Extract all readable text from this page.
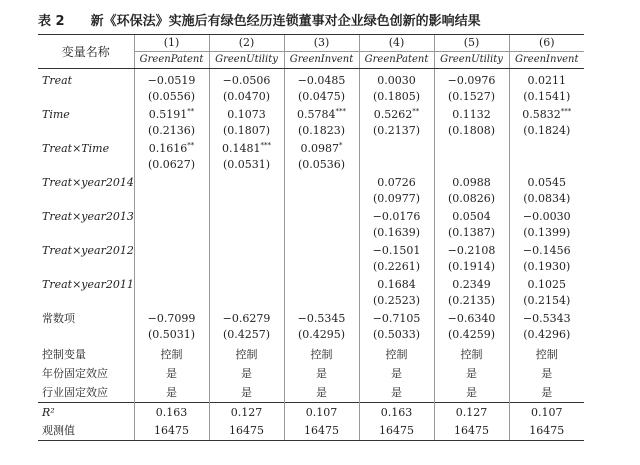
表 2 新《环保法》实施后有绿色经历连锁董事对企业绿色创新的影响结果
变量名称	(1)	(2)	(3)	(4)	(5)	(6)
	GreenPatent	GreenUtility	GreenInvent	GreenPatent	GreenUtility	GreenInvent

Treat	−0.0519	−0.0506	−0.0485	0.0030	−0.0976	0.0211
	(0.0556)	(0.0470)	(0.0475)	(0.1805)	(0.1527)	(0.1541)
Time	0.5191**	0.1073	0.5784***	0.5262**	0.1132	0.5832***
	(0.2136)	(0.1807)	(0.1823)	(0.2137)	(0.1808)	(0.1824)
Treat×Time	0.1616**	0.1481***	0.0987*			
	(0.0627)	(0.0531)	(0.0536)			
Treat×year2014				0.0726	0.0988	0.0545
				(0.0977)	(0.0826)	(0.0834)
Treat×year2013				−0.0176	0.0504	−0.0030
				(0.1639)	(0.1387)	(0.1399)
Treat×year2012				−0.1501	−0.2108	−0.1456
				(0.2261)	(0.1914)	(0.1930)
Treat×year2011				0.1684	0.2349	0.1025
				(0.2523)	(0.2135)	(0.2154)
常数项	−0.7099	−0.6279	−0.5345	−0.7105	−0.6340	−0.5343
	(0.5031)	(0.4257)	(0.4295)	(0.5033)	(0.4259)	(0.4296)
控制变量	控制	控制	控制	控制	控制	控制
年份固定效应	是	是	是	是	是	是
行业固定效应	是	是	是	是	是	是
R²	0.163	0.127	0.107	0.163	0.127	0.107
观测值	16475	16475	16475	16475	16475	16475
